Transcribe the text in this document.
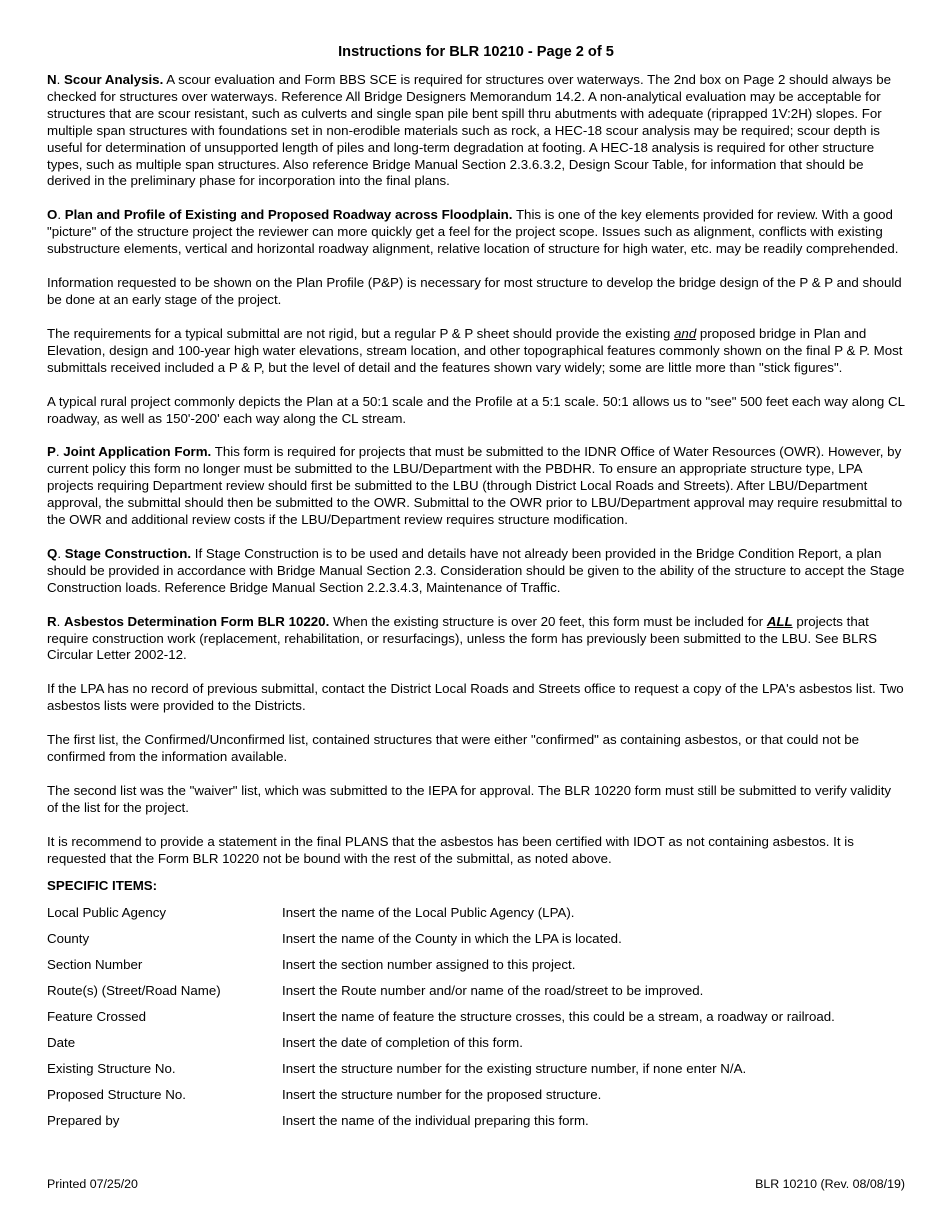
Instructions for BLR 10210 - Page 2 of 5

N. Scour Analysis. A scour evaluation and Form BBS SCE is required for structures over waterways. The 2nd box on Page 2 should always be checked for structures over waterways. Reference All Bridge Designers Memorandum 14.2. A non-analytical evaluation may be acceptable for structures that are scour resistant, such as culverts and single span pile bent spill thru abutments with adequate (riprapped 1V:2H) slopes. For multiple span structures with foundations set in non-erodible materials such as rock, a HEC-18 scour analysis may be required; scour depth is useful for determination of unsupported length of piles and long-term degradation at footing. A HEC-18 analysis is required for other structure types, such as multiple span structures. Also reference Bridge Manual Section 2.3.6.3.2, Design Scour Table, for information that should be derived in the preliminary phase for incorporation into the final plans.

O. Plan and Profile of Existing and Proposed Roadway across Floodplain. This is one of the key elements provided for review. With a good "picture" of the structure project the reviewer can more quickly get a feel for the project scope. Issues such as alignment, conflicts with existing substructure elements, vertical and horizontal roadway alignment, relative location of structure for high water, etc. may be readily comprehended.

Information requested to be shown on the Plan Profile (P&P) is necessary for most structure to develop the bridge design of the P & P and should be done at an early stage of the project.

The requirements for a typical submittal are not rigid, but a regular P & P sheet should provide the existing and proposed bridge in Plan and Elevation, design and 100-year high water elevations, stream location, and other topographical features commonly shown on the final P & P. Most submittals received included a P & P, but the level of detail and the features shown vary widely; some are little more than "stick figures".

A typical rural project commonly depicts the Plan at a 50:1 scale and the Profile at a 5:1 scale. 50:1 allows us to "see" 500 feet each way along CL roadway, as well as 150'-200' each way along the CL stream.

P. Joint Application Form. This form is required for projects that must be submitted to the IDNR Office of Water Resources (OWR). However, by current policy this form no longer must be submitted to the LBU/Department with the PBDHR. To ensure an appropriate structure type, LPA projects requiring Department review should first be submitted to the LBU (through District Local Roads and Streets). After LBU/Department approval, the submittal should then be submitted to the OWR. Submittal to the OWR prior to LBU/Department approval may require resubmittal to the OWR and additional review costs if the LBU/Department review requires structure modification.

Q. Stage Construction. If Stage Construction is to be used and details have not already been provided in the Bridge Condition Report, a plan should be provided in accordance with Bridge Manual Section 2.3. Consideration should be given to the ability of the structure to accept the Stage Construction loads. Reference Bridge Manual Section 2.2.3.4.3, Maintenance of Traffic.

R. Asbestos Determination Form BLR 10220. When the existing structure is over 20 feet, this form must be included for ALL projects that require construction work (replacement, rehabilitation, or resurfacings), unless the form has previously been submitted to the LBU. See BLRS Circular Letter 2002-12.

If the LPA has no record of previous submittal, contact the District Local Roads and Streets office to request a copy of the LPA's asbestos list. Two asbestos lists were provided to the Districts.

The first list, the Confirmed/Unconfirmed list, contained structures that were either "confirmed" as containing asbestos, or that could not be confirmed from the information available.

The second list was the "waiver" list, which was submitted to the IEPA for approval. The BLR 10220 form must still be submitted to verify validity of the list for the project.

It is recommend to provide a statement in the final PLANS that the asbestos has been certified with IDOT as not containing asbestos. It is requested that the Form BLR 10220 not be bound with the rest of the submittal, as noted above.

SPECIFIC ITEMS:
Local Public Agency	Insert the name of the Local Public Agency (LPA).
County	Insert the name of the County in which the LPA is located.
Section Number	Insert the section number assigned to this project.
Route(s) (Street/Road Name)	Insert the Route number and/or name of the road/street to be improved.
Feature Crossed	Insert the name of feature the structure crosses, this could be a stream, a roadway or railroad.
Date	Insert the date of completion of this form.
Existing Structure No.	Insert the structure number for the existing structure number, if none enter N/A.
Proposed Structure No.	Insert the structure number for the proposed structure.
Prepared by	Insert the name of the individual preparing this form.
Printed 07/25/20	BLR 10210 (Rev. 08/08/19)
